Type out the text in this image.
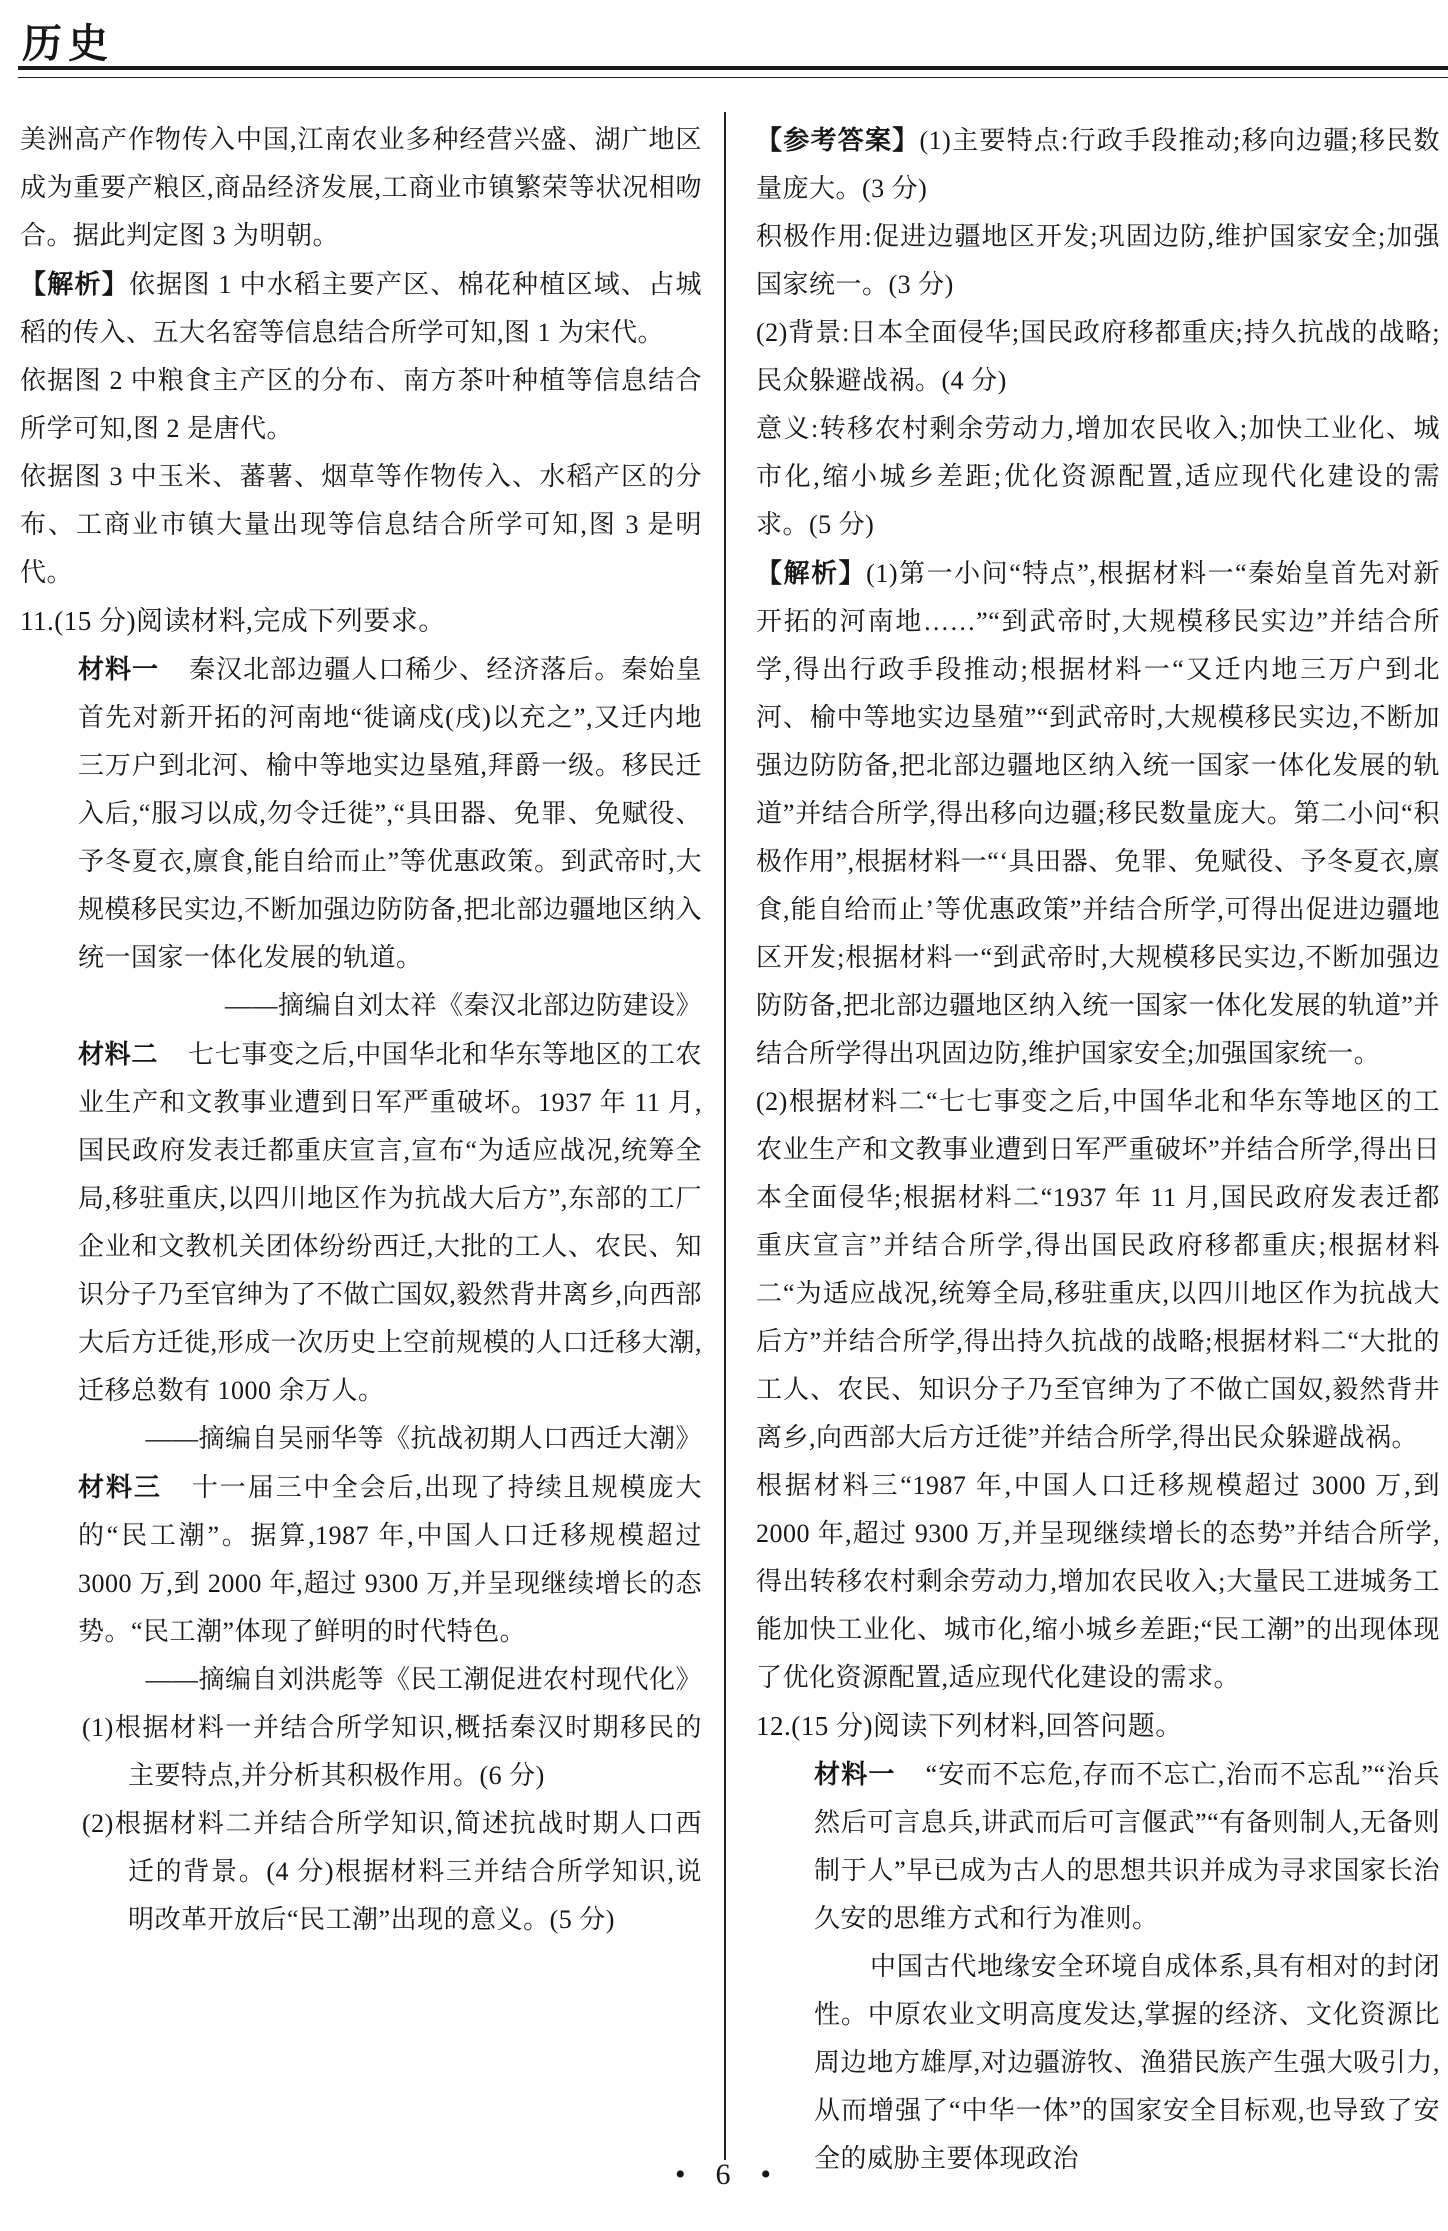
历史

美洲高产作物传入中国,江南农业多种经营兴盛、湖广地区成为重要产粮区,商品经济发展,工商业市镇繁荣等状况相吻合。据此判定图 3 为明朝。

【解析】依据图 1 中水稻主要产区、棉花种植区域、占城稻的传入、五大名窑等信息结合所学可知,图 1 为宋代。

依据图 2 中粮食主产区的分布、南方茶叶种植等信息结合所学可知,图 2 是唐代。

依据图 3 中玉米、蕃薯、烟草等作物传入、水稻产区的分布、工商业市镇大量出现等信息结合所学可知,图 3 是明代。

11.(15 分)阅读材料,完成下列要求。

材料一 秦汉北部边疆人口稀少、经济落后。秦始皇首先对新开拓的河南地“徙谪戍(戌)以充之”,又迁内地三万户到北河、榆中等地实边垦殖,拜爵一级。移民迁入后,“服习以成,勿令迁徙”,“具田器、免罪、免赋役、予冬夏衣,廪食,能自给而止”等优惠政策。到武帝时,大规模移民实边,不断加强边防防备,把北部边疆地区纳入统一国家一体化发展的轨道。

——摘编自刘太祥《秦汉北部边防建设》

材料二 七七事变之后,中国华北和华东等地区的工农业生产和文教事业遭到日军严重破坏。1937 年 11 月,国民政府发表迁都重庆宣言,宣布“为适应战况,统筹全局,移驻重庆,以四川地区作为抗战大后方”,东部的工厂企业和文教机关团体纷纷西迁,大批的工人、农民、知识分子乃至官绅为了不做亡国奴,毅然背井离乡,向西部大后方迁徙,形成一次历史上空前规模的人口迁移大潮,迁移总数有 1000 余万人。

——摘编自吴丽华等《抗战初期人口西迁大潮》

材料三 十一届三中全会后,出现了持续且规模庞大的“民工潮”。据算,1987 年,中国人口迁移规模超过 3000 万,到 2000 年,超过 9300 万,并呈现继续增长的态势。“民工潮”体现了鲜明的时代特色。

——摘编自刘洪彪等《民工潮促进农村现代化》

(1)根据材料一并结合所学知识,概括秦汉时期移民的主要特点,并分析其积极作用。(6 分)

(2)根据材料二并结合所学知识,简述抗战时期人口西迁的背景。(4 分)根据材料三并结合所学知识,说明改革开放后“民工潮”出现的意义。(5 分)

【参考答案】(1)主要特点:行政手段推动;移向边疆;移民数量庞大。(3 分)

积极作用:促进边疆地区开发;巩固边防,维护国家安全;加强国家统一。(3 分)

(2)背景:日本全面侵华;国民政府移都重庆;持久抗战的战略;民众躲避战祸。(4 分)

意义:转移农村剩余劳动力,增加农民收入;加快工业化、城市化,缩小城乡差距;优化资源配置,适应现代化建设的需求。(5 分)

【解析】(1)第一小问“特点”,根据材料一“秦始皇首先对新开拓的河南地……”“到武帝时,大规模移民实边”并结合所学,得出行政手段推动;根据材料一“又迁内地三万户到北河、榆中等地实边垦殖”“到武帝时,大规模移民实边,不断加强边防防备,把北部边疆地区纳入统一国家一体化发展的轨道”并结合所学,得出移向边疆;移民数量庞大。第二小问“积极作用”,根据材料一“‘具田器、免罪、免赋役、予冬夏衣,廪食,能自给而止’等优惠政策”并结合所学,可得出促进边疆地区开发;根据材料一“到武帝时,大规模移民实边,不断加强边防防备,把北部边疆地区纳入统一国家一体化发展的轨道”并结合所学得出巩固边防,维护国家安全;加强国家统一。

(2)根据材料二“七七事变之后,中国华北和华东等地区的工农业生产和文教事业遭到日军严重破坏”并结合所学,得出日本全面侵华;根据材料二“1937 年 11 月,国民政府发表迁都重庆宣言”并结合所学,得出国民政府移都重庆;根据材料二“为适应战况,统筹全局,移驻重庆,以四川地区作为抗战大后方”并结合所学,得出持久抗战的战略;根据材料二“大批的工人、农民、知识分子乃至官绅为了不做亡国奴,毅然背井离乡,向西部大后方迁徙”并结合所学,得出民众躲避战祸。

根据材料三“1987 年,中国人口迁移规模超过 3000 万,到 2000 年,超过 9300 万,并呈现继续增长的态势”并结合所学,得出转移农村剩余劳动力,增加农民收入;大量民工进城务工能加快工业化、城市化,缩小城乡差距;“民工潮”的出现体现了优化资源配置,适应现代化建设的需求。

12.(15 分)阅读下列材料,回答问题。

材料一 “安而不忘危,存而不忘亡,治而不忘乱”“治兵然后可言息兵,讲武而后可言偃武”“有备则制人,无备则制于人”早已成为古人的思想共识并成为寻求国家长治久安的思维方式和行为准则。

中国古代地缘安全环境自成体系,具有相对的封闭性。中原农业文明高度发达,掌握的经济、文化资源比周边地方雄厚,对边疆游牧、渔猎民族产生强大吸引力,从而增强了“中华一体”的国家安全目标观,也导致了安全的威胁主要体现政治

• 6 •
